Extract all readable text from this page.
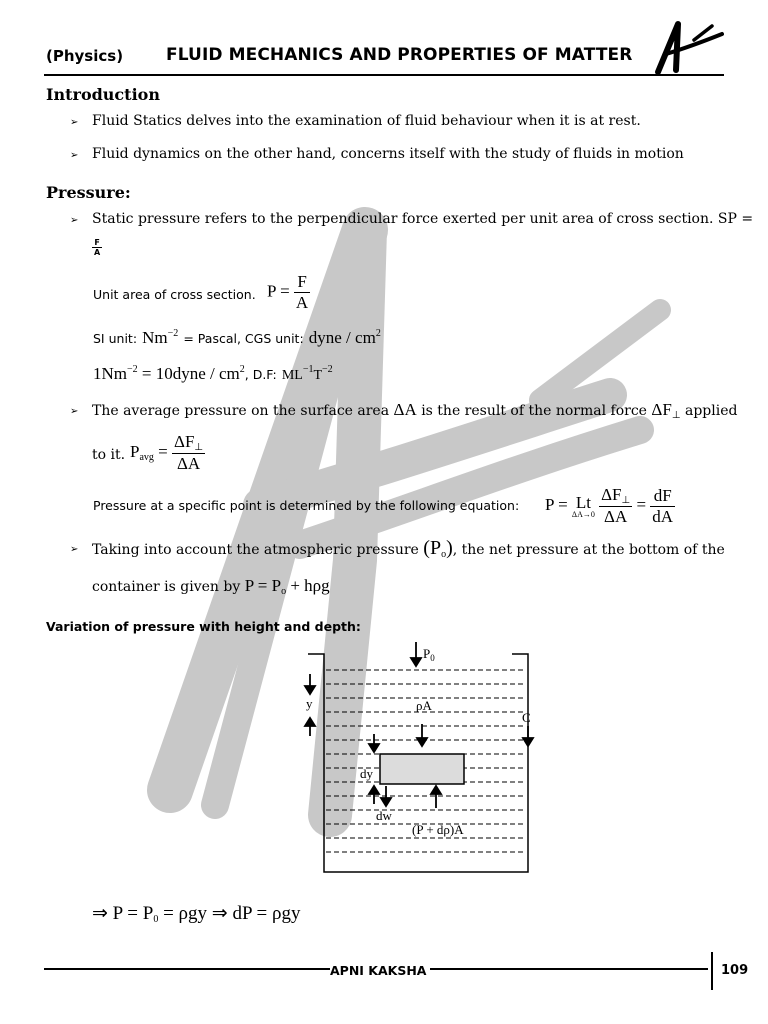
(Physics)	FLUID MECHANICS AND PROPERTIES OF MATTER
Introduction
➢ Fluid Statics delves into the examination of fluid behaviour when it is at rest.
➢ Fluid dynamics on the other hand, concerns itself with the study of fluids in motion
Pressure:
➢ Static pressure refers to the perpendicular force exerted per unit area of cross section. SP =
$\frac{F}{A}$
Unit area of cross section. $P = \frac{F}{A}$
SI unit: $Nm^{-2}$ = Pascal, CGS unit: dyne / $cm^2$
$1Nm^{-2}$ = 10dyne / $cm^2$, D.F: $ML^{-1}T^{-2}$
➢ The average pressure on the surface area ΔA is the result of the normal force $\Delta F_\perp$ applied
to it. $P_{avg} = \frac{\Delta F_\perp}{\Delta A}$
Pressure at a specific point is determined by the following equation: P = Lt
ΔA→0
$\frac{\Delta F_\perp}{\Delta A} = \frac{dF}{dA}$
➢ Taking into account the atmospheric pressure $(P_o)$, the net pressure at the bottom of the
container is given by $P = P_o + h\rho g$
Variation of pressure with height and depth:
$P_0$
y	ρA
C
dy
dw
(P + dρ)A
⇒ $P = P_0 = \rho gy$ ⇒ dP = ρgy
APNI KAKSHA	109
